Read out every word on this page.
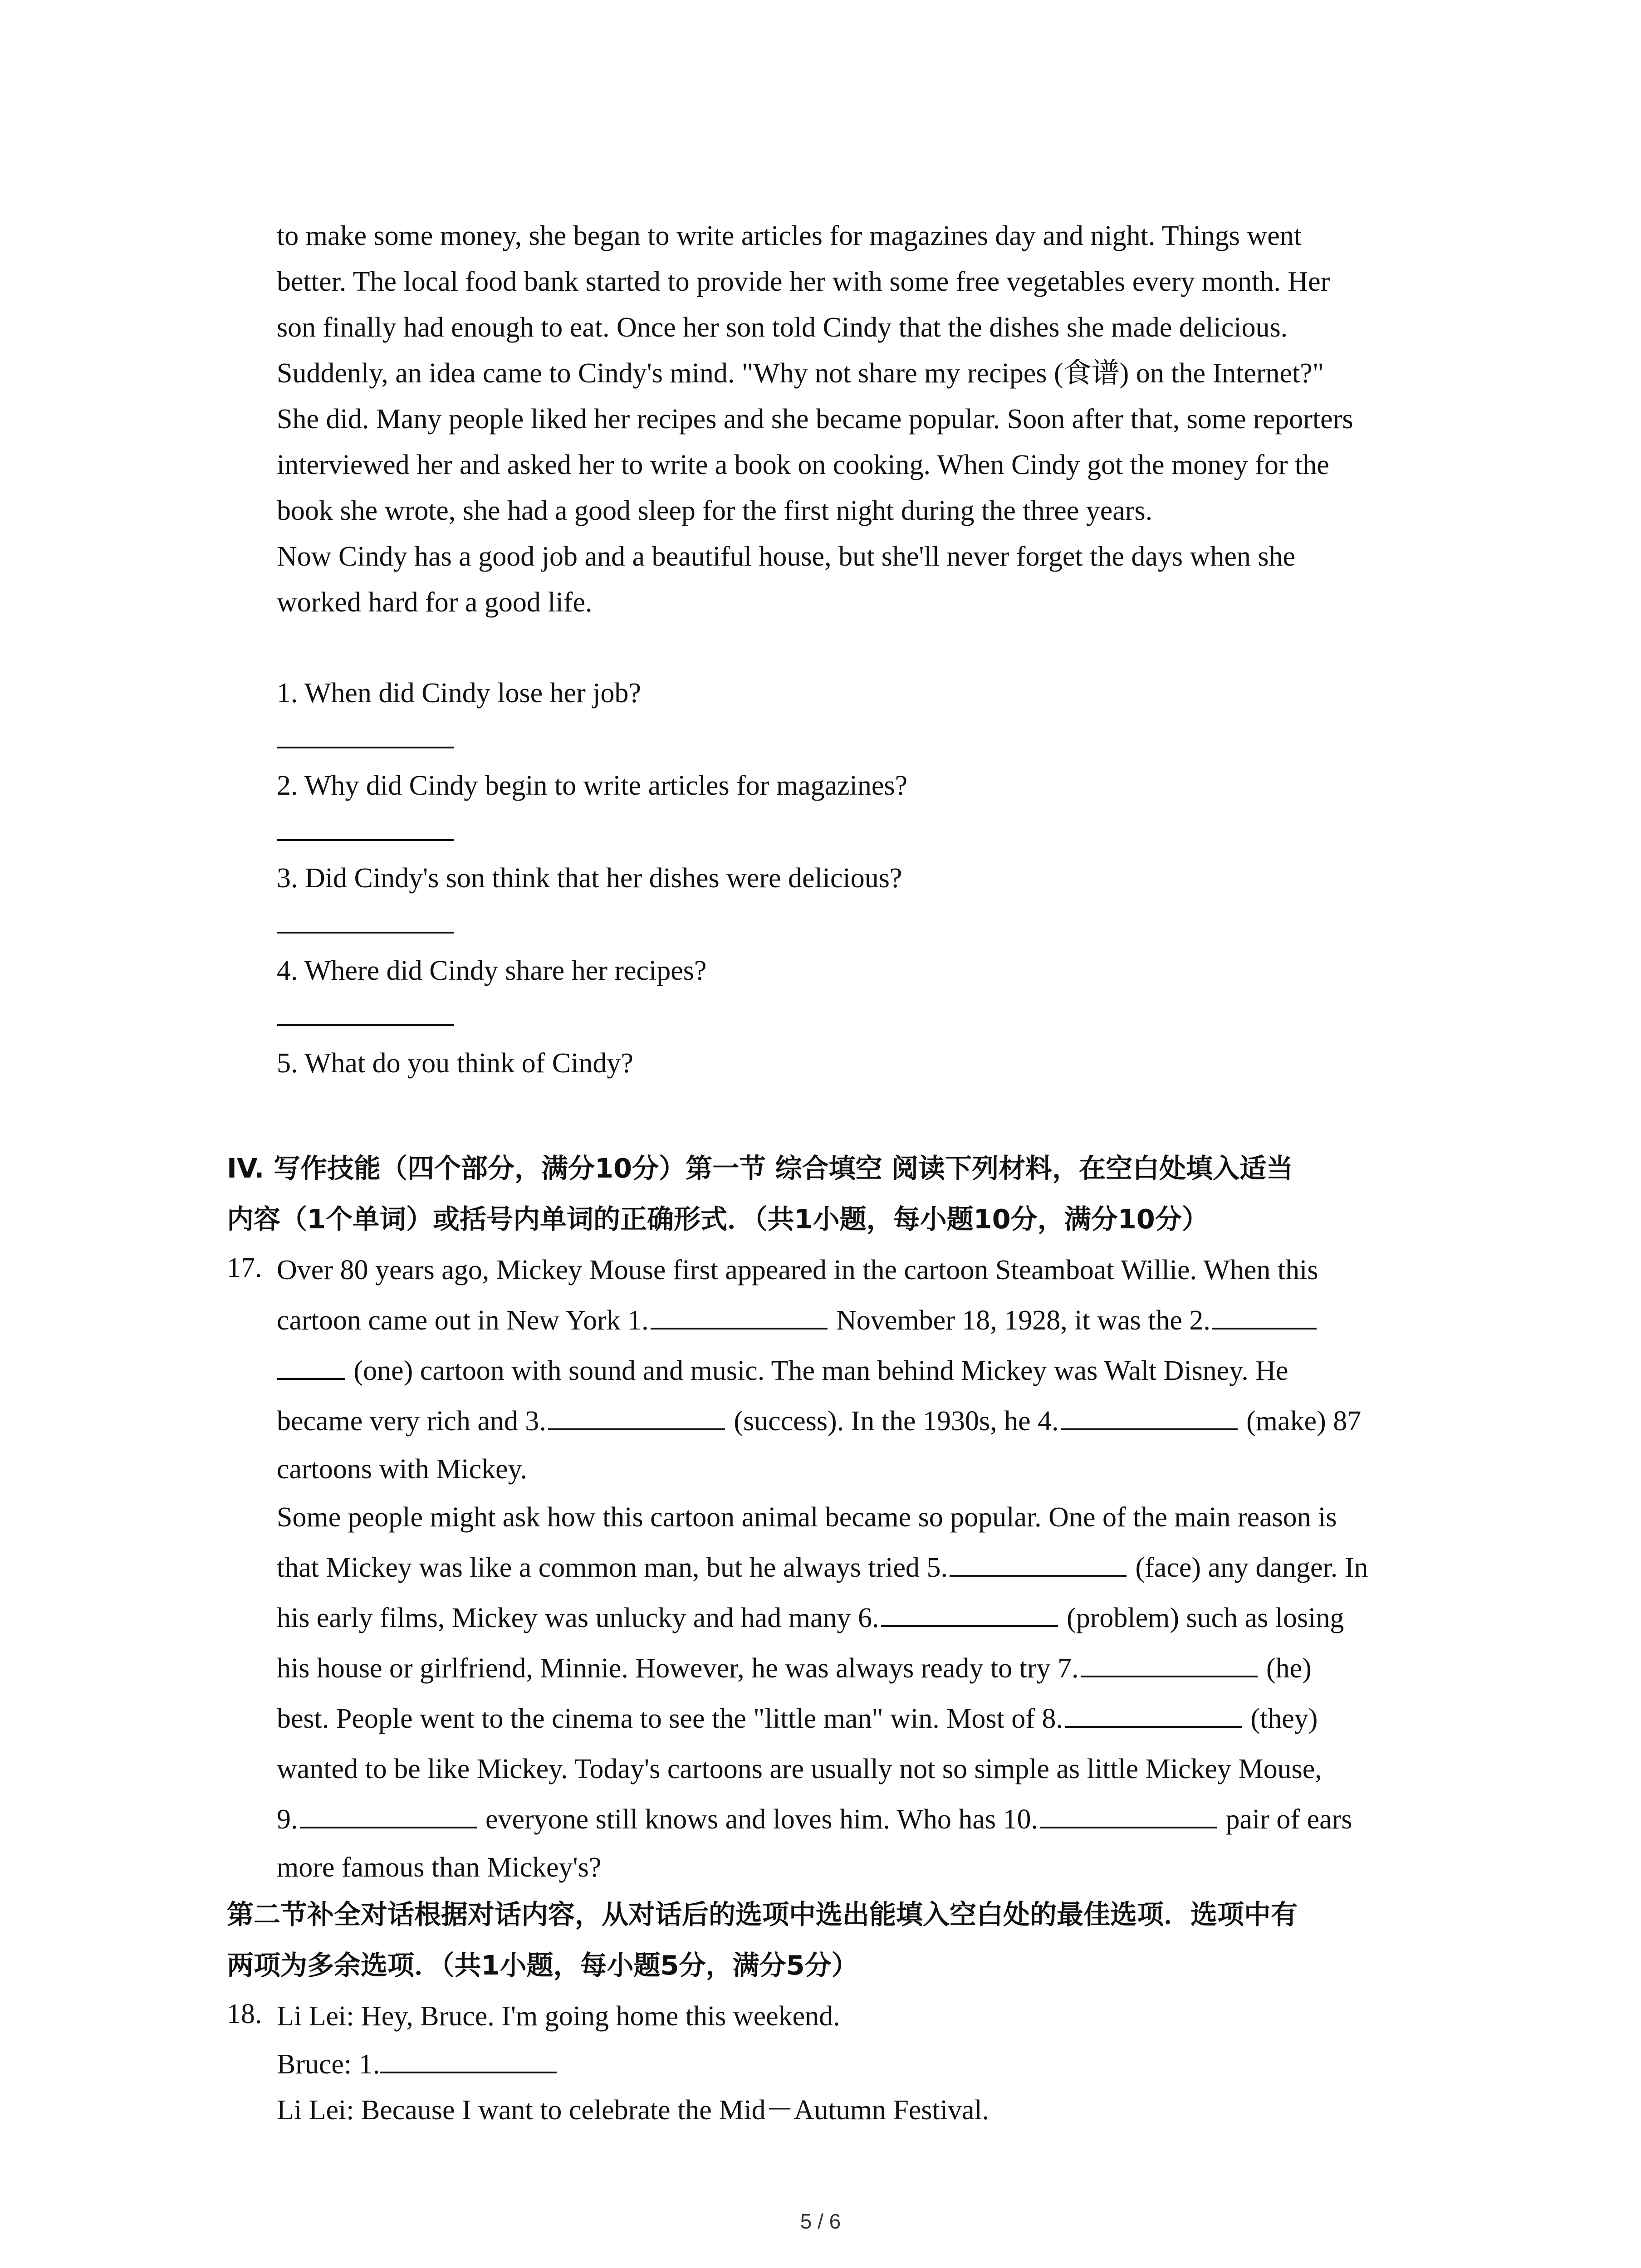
to make some money, she began to write articles for magazines day and night. Things went
better. The local food bank started to provide her with some free vegetables every month. Her
son finally had enough to eat. Once her son told Cindy that the dishes she made delicious.
Suddenly, an idea came to Cindy's mind. "Why not share my recipes (食谱) on the Internet?"
She did. Many people liked her recipes and she became popular. Soon after that, some reporters
interviewed her and asked her to write a book on cooking. When Cindy got the money for the
book she wrote, she had a good sleep for the first night during the three years.
Now Cindy has a good job and a beautiful house, but she'll never forget the days when she
worked hard for a good life.
1. When did Cindy lose her job?
2. Why did Cindy begin to write articles for magazines?
3. Did Cindy's son think that her dishes were delicious?
4. Where did Cindy share her recipes?
5. What do you think of Cindy?
IV. 写作技能（四个部分，满分10分）第一节 综合填空 阅读下列材料，在空白处填入适当
内容（1个单词）或括号内单词的正确形式．（共1小题，每小题10分，满分10分）
17. Over 80 years ago, Mickey Mouse first appeared in the cartoon Steamboat Willie. When this
cartoon came out in New York 1.	November 18, 1928, it was the 2.
(one) cartoon with sound and music. The man behind Mickey was Walt Disney. He
became very rich and 3.	(success). In the 1930s, he 4.	(make) 87
cartoons with Mickey.
Some people might ask how this cartoon animal became so popular. One of the main reason is
that Mickey was like a common man, but he always tried 5.	(face) any danger. In
his early films, Mickey was unlucky and had many 6.	(problem) such as losing
his house or girlfriend, Minnie. However, he was always ready to try 7.	(he)
best. People went to the cinema to see the "little man" win. Most of 8.	(they)
wanted to be like Mickey. Today's cartoons are usually not so simple as little Mickey Mouse,
9.	everyone still knows and loves him. Who has 10.	pair of ears
more famous than Mickey's?
第二节补全对话根据对话内容，从对话后的选项中选出能填入空白处的最佳选项．选项中有
两项为多余选项．（共1小题，每小题5分，满分5分）
18. Li Lei: Hey, Bruce. I'm going home this weekend.
Bruce: 1.
Li Lei: Because I want to celebrate the Mid－Autumn Festival.
5 / 6
